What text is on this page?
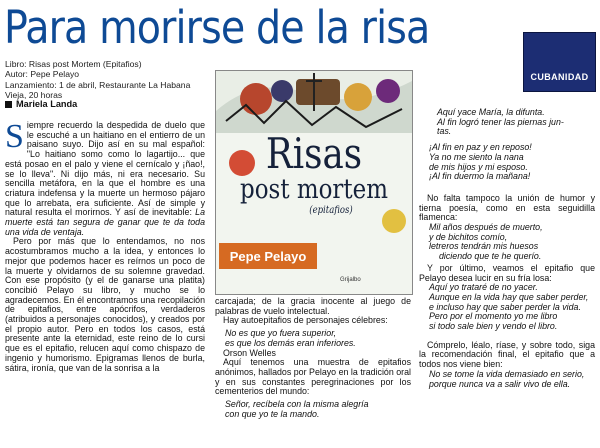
Para morirse de la risa
CUBANIDAD
Libro: Risas post Mortem (Epitafios)
Autor: Pepe Pelayo
Lanzamiento: 1 de abril, Restaurante La Habana
Vieja, 20 horas
Mariela Landa

Siempre recuerdo la despedida de duelo que le escuché a un haitiano en el entierro de un paisano suyo. Dijo así en su mal español: "Lo haitiano somo como lo lagartijo... que está posao en el palo y viene el cernícalo y ¡ñao!, se lo lleva". Ni dijo más, ni era necesario. Su sencilla metáfora, en la que el hombre es una criatura indefensa y la muerte un hermoso pájaro que lo arrebata, era suficiente. Así de simple y natural resulta el morirnos. Y así de inevitable: La muerte está tan segura de ganar que te da toda una vida de ventaja.

Pero por más que lo entendamos, no nos acostumbramos mucho a la idea, y entonces lo mejor que podemos hacer es reírnos un poco de la muerte y olvidarnos de su solemne gravedad. Con ese propósito (y el de ganarse una platita) concibió Pelayo su libro, y mucho se lo agradecemos. En él encontramos una recopilación de epitafios, entre apócrifos, verdaderos (atribuidos a personajes conocidos), y creados por el propio autor. Pero en todos los casos, está presente ante la eternidad, este reino de lo cursi que es el epitafio, relucen aquí como chispazo de ingenio y humorismo. Epigramas llenos de burla, sátira, ironía, que van de la sonrisa a la

Risas
post mortem
(epitafios)
Pepe Pelayo
Grijalbo

carcajada; de la gracia inocente al juego de palabras de vuelo intelectual.

Hay autoepitafios de personajes célebres:

No es que yo fuera superior,
es que los demás eran inferiores.

Orson Welles

Aquí tenemos una muestra de epitafios anónimos, hallados por Pelayo en la tradición oral y en sus constantes peregrinaciones por los cementerios del mundo:

Señor, recíbela con la misma alegría
con que yo te la mando.
Aquí yace María, la difunta.
Al fin logró tener las piernas jun-
tas.
¡Al fin en paz y en reposo!
Ya no me siento la nana
de mis hijos y mi esposo.
¡Al fin duermo la mañana!

No falta tampoco la unión de humor y tierna poesía, como en esta seguidilla flamenca:

Mil años después de muerto,
y de bichitos comío,
letreros tendrán mis huesos
diciendo que te he querío.

Y por último, veamos el epitafio que Pelayo desea lucir en su fría losa:

Aquí yo trataré de no yacer.
Aunque en la vida hay que saber perder,
e incluso hay que saber perder la vida.
Pero por el momento yo me libro
si todo sale bien y vendo el libro.

Cómprelo, léalo, ríase, y sobre todo, siga la recomendación final, el epitafio que a todos nos viene bien:

No se tome la vida demasiado en serio,
porque nunca va a salir vivo de ella.
